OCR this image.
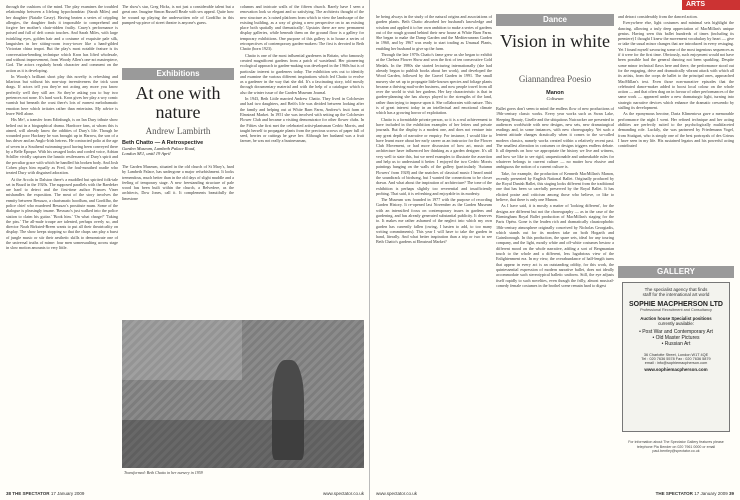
through the cushions of the mind. The play examines the troubled relationship between a lifelong hypochondriac (Sarah Miles) and her daughter (Natalie Casey). Having beaten a series of crippling allergies, the daughter finds it impossible to comprehend and forgive her mother's chair-ridden frailty. Casey's performance is poised and full of deft comic touches. And Sarah Miles, with large twinkling eyes, golden hair and a costume of exquisite pale silk, languishes in her sitting-room ivory-tower like a hand-gilded Victorian china teapot. But the play's most notable feature is its conversation-bending technique which Kron has lifted wholesale, and without improvement, from Woody Allen's one-act masterpiece, God. The actors regularly break character and comment on the action as it is developing.

In Woody's brilliant short play this novelty is refreshing and hilarious but without his non-stop inventiveness the trick soon drags. If actors tell you they're not acting any more you know perfectly well they still are. So they're asking you to buy two pretences not none. It's hard work. Kron gives her play a wry comic varnish but beneath the crust there's lots of earnest melodramatic emotion here which irritates rather than entertains. My advice is leave Well alone.

His Me!, a transfer from Edinburgh, is on Ian Dury tribute show belted out in a biographical drama. Hardcore fans, at whom this is aimed, will already know the oddities of Dury's life. Though he wounded poor Hackney he was brought up in Harrow, the son of a bus driver and an Anglo-Irish heiress. He contracted polio at the age of seven in a Southend swimming-pool having been conveyed there by a Belle Époque. With his ravaged looks and corded voice, Adrian Schiller vividly captures the lunatic restlessness of Dury's spirit and the peculiar grace with which he handled his broken body. And Josh Cohen plays him equally as Fred, the foul-mouthed roadie who treated Dury with disguised adoration.

At the Arcola in Dalston there's a muddled but spirited folk-tale set in Brazil in the 1920s. The supposed parallels with the Baedeker are hard to detect and the first-time author Frances Viner mishandles the exposition. The meat of the story involves the enmity between Bessuzo, a charismatic hoodlum, and Gordilho, the police chief who murdered Bessuzo's prostitute mum. Some of the dialogue is pleasingly insane. 'Bessuzo's just walked into the police station to claim his guitar.' 'Book him.' 'On what charge?' 'Taking the piss.' The all-male troupe are talented, perhaps overly so, and director Noah Birksted-Breen wants to put all their theatricality on display. The show keeps stopping so that the chaps can play a burst of jungle music or stir their aesthetic skills to demonstrate one of the universal truths of mime: four men somersaulting across stage in slow motion amounts to very little.

The show's star, Greg Hicks, is not just a considerable talent but a great one. Imagine Simon Russell Beale with sex appeal. Quite how he wound up playing the underwritten role of Gordilho in this pumped-up piece of street theatre is anyone's guess.

Exhibitions
At one with nature
Andrew Lambirth
Beth Chatto — A Retrospective
Garden Museum, Lambeth Palace Road,
London SE1, until 19 April

The Garden Museum, situated in the old church of St Mary's, hard by Lambeth Palace, has undergone a major refurbishment. It looks tremendous, much better than in the old days of slight muddle and a feeling of temporary stage. A new freestanding structure of pale wood has been built within the church, a Belvedere, as the architects, Dow Jones, call it. It complements beautifully the limestone

columns and intricate walls of the fifteen church. Rarely have I seen a renovation look so elegant and so satisfying. The architects thought of the new structure as 'a raised platform from which to view the landscape of the existing building, as a way of giving a new perspective on to an existing place both spatially and thematically'. Upstairs there are new permanent display galleries, while beneath them on the ground floor is a gallery for temporary exhibitions. One purpose of this gallery is to house a series of retrospectives of contemporary garden-makers: The first is devoted to Beth Chatto (born 1923).

Chatto is one of the most influential gardeners in Britain, who famously created magnificent gardens from a patch of wasteland. Her pioneering ecological approach to garden-making was developed in the 1960s but is of particular interest to gardeners today. The exhibition sets out to identify and examine the various different inspirations which led Chatto to evolve as a gardener in the way that she did. It's a fascinating story, told mostly through documentary material and with the help of a catalogue which is also the winter issue of the Garden Museum Journal.

In 1943, Beth Little married Andrew Chatto. They lived in Colchester and had two daughters, and Beth's life was divided between looking after the family and helping out at White Barn Farm, Andrew's fruit farm at Elmstead Market. In 1951 she was involved with setting up the Colchester Flower Club and became a visiting demonstrator for other flower clubs. In the Fifties she first met the celebrated artist-plantsman Cedric Morris, and taught herself to propagate plants from the precious scrows of paper full of seed, berries or cuttings he gave her. Although her husband was a fruit farmer, he was not really a businessman,

Transformed: Beth Chatto in her nursery in 1959
38 THE SPECTATOR 17 January 2009	www.spectator.co.uk
ARTS

he being always in the study of the natural origins and associations of garden plants. Beth Chatto absorbed her husband's knowledge and wisdom and applied it to her own ambition to make a series of gardens out of the rough ground behind their new house at White Barn Farm. She began to make the Damp Garden and the Mediterranean Garden in 1960, and by 1967 was ready to start trading as Unusual Plants, enabling her husband to give up the farm.

Through the late 1970s Chatto's fame grew as she began to exhibit at the Chelsea Flower Show and won the first of ten consecutive Gold Medals. In the 1980s she started lecturing internationally (she had already begun to publish books about her work), and developed the Wood Garden, followed by the Gravel Garden in 1991. The small nursery she set up to propagate little-known species and foliage plants became a thriving mail-order business, and now people travel from all over the world to visit her gardens. Her key characteristic is that in garden-planning she has always played to the strengths of the land, rather than trying to impose upon it. She collaborates with nature. This is of great interest today in an intellectual and emotional climate which has a growing horror of exploitation.

Chatto is a formidable private person, so it is a real achievement to have included in the exhibition examples of her letters and private journals. But the display is a modest one, and does not venture into any great depth of narrative or enquiry. For instance, I would like to have learnt more about her early career as an instructor for the Flower Club Movement, or had more discussion of how art, music and architecture have influenced her thinking as a garden designer. It's all very well to state this, but we need examples to illustrate the assertion and help us to understand it better. I enjoyed the two Cedric Morris paintings hanging on the walls of the gallery (particularly 'Autumn Flowers' from 1928) and the snatches of classical music I heard amid the soundtrack of birdsong, but I wanted the connections to be closer drawn. And what about the inspiration of architecture? The tone of the exhibition is perhaps slightly too reverential and insufficiently probing. That said, it is refreshing and enjoyable in its modesty.

The Museum was founded in 1977 with the purpose of recording Garden History. It re-opened last November as the Garden Museum with an intensified focus on contemporary issues in gardens and gardening, and has already generated substantial publicity. It deserves to. It makes me rather ashamed of the neglect into which my own garden has currently fallen (owing, I hasten to add, to too many writing commitments). This year I will have to take the garden in hand, literally. And what better inspiration than a trip or two to see Beth Chatto's gardens at Elmstead Market?

Dance
Vision in white
Giannandrea Poesio
Manon
Coliseum

Ballet goers don't seem to mind the endless flow of new productions of 19th-century classic works. Every year works such as Swan Lake, Sleeping Beauty, Giselle and the ubiquitous Nutcracker are presented to audiences worldwide with new designs, new sets, new dramaturgical readings and, in some instances, with new choreography. Yet such a lenient attitude changes drastically when it comes to the so-called modern classics, namely works created within a relatively recent past. The smallest alteration in costumes or designs triggers endless debate. It all depends on how we appropriate the history we live and witness, and how we like to see rigid, unquestionable and unbreakable rules for whatever belongs to current culture — no matter how elusive and ambiguous the notion of a current culture is.

Take, for example, the production of Kenneth MacMillan's Manon, recently presented by English National Ballet. Originally produced by the Royal Danish Ballet, this staging looks different from the traditional one that has been so carefully preserved by the Royal Ballet. It has elicited praise and criticism among those who believe, or like to believe, that there is only one Manon.

As I have said, it is mostly a matter of 'looking different', for the designs are different but not the choreography — as in the case of the Birmingham Royal Ballet production of MacMillan's staging for the Paris Opéra. Gone is the leaden rich and dramatically claustrophobic 18th-century atmosphere originally conceived by Nicholas Georgiadis, which stands out for its modern take on both Hogarth and Gainsborough. In this production, the spare sets, ideal for any touring company, and the light, mostly white and off-white costumes bestow a different mood on the whole narrative, adding a sort of Bergmanian touch to the whole and a different, less lugubrious view of the Enlightenment era. In my view, the overabundance of half-length turns that appear in every act is an outstanding oddity, for this work, the quintessential expression of modern narrative ballet, does not ideally accommodate such stereotypical balletic uniform. Still, the eye adjusts itself rapidly to such novelties, even though the frilly, almost musical-comedy female costumes in the brothel scene remain hard to digest

and detract considerably from the danced action.

Everywhere else, light costumes and minimal sets highlight the dancing, allowing a truly deep appreciation of MacMillan's unique genius. Having seen this ballet hundreds of times (including its premiere) I thought I knew the movement vocabulary by heart — give or take the usual minor changes that are introduced in every restaging. Yet I found myself savouring some of the most ingenious sequences as if it were for the first time. Obviously, such enjoyment would not have been possible had the general dancing not been sparkling. Despite some minor technical flaws here and there, the performance stood out for the engaging, drive and dramatically vibrant attack with which all its artists, from the corps de ballet to the principal ones, approached MacMillan's text. Even those non-narrative episodes that the celebrated dance-maker added to boost local colour on the whole action — and that often drag on in favour of other performances of the same work — appeared under a new dramaturgic light, turning into strategic narrative devices which enhance the dramatic crescendo by stalling its development.

As the eponymous heroine, Daria Klimentova gave a memorable performance the night I went. Her refined technique and her acting abilities are perfectly suited to the psychologically multifaceted demanding role. Luckily, she was partnered by Friedemann Vogel, from Stuttgart, who is simply one of the best portrayals of des Grieux I have seen in my life. His sustained legatos and his powerful acting contributed

GALLERY
The specialist agency that finds
staff for the international art world
SOPHIE MACPHERSON LTD
Professional Recruitment and Consultancy
Auction house Specialist positions
currently available:
• Post War and Contemporary Art
• Old Master Pictures
• Russian Art
36 Charlotte Street, London W1T 4QE
Tel : 020 7636 5578 Fax : 020 7636 5879
email : info@sophiemacpherson.com
www.sophiemacpherson.com
For information about The Spectator Gallery features please telephone Pia Bender on 020 7961 0000 or email paul.bentley@spectator.co.uk
www.spectator.co.uk	THE SPECTATOR 17 January 2009 39
